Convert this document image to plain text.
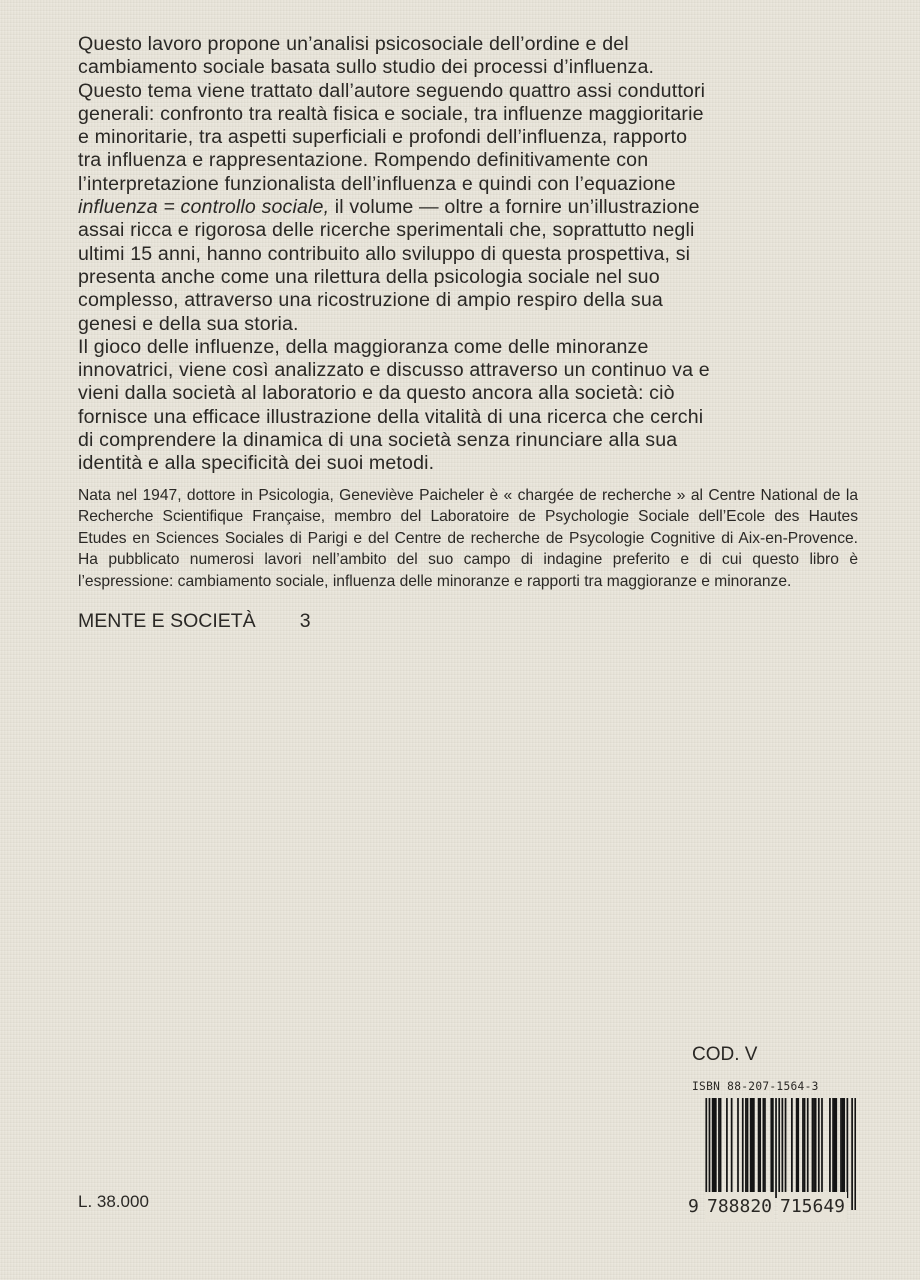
Questo lavoro propone un’analisi psicosociale dell’ordine e del
cambiamento sociale basata sullo studio dei processi d’influenza.
Questo tema viene trattato dall’autore seguendo quattro assi conduttori
generali: confronto tra realtà fisica e sociale, tra influenze maggioritarie
e minoritarie, tra aspetti superficiali e profondi dell’influenza, rapporto
tra influenza e rappresentazione. Rompendo definitivamente con
l’interpretazione funzionalista dell’influenza e quindi con l’equazione
influenza = controllo sociale, il volume — oltre a fornire un’illustrazione
assai ricca e rigorosa delle ricerche sperimentali che, soprattutto negli
ultimi 15 anni, hanno contribuito allo sviluppo di questa prospettiva, si
presenta anche come una rilettura della psicologia sociale nel suo
complesso, attraverso una ricostruzione di ampio respiro della sua
genesi e della sua storia.
Il gioco delle influenze, della maggioranza come delle minoranze
innovatrici, viene così analizzato e discusso attraverso un continuo va e
vieni dalla società al laboratorio e da questo ancora alla società: ciò
fornisce una efficace illustrazione della vitalità di una ricerca che cerchi
di comprendere la dinamica di una società senza rinunciare alla sua
identità e alla specificità dei suoi metodi.
Nata nel 1947, dottore in Psicologia, Geneviève Paicheler è « chargée de recherche » al Centre National de la Recherche Scientifique Française, membro del Laboratoire de Psychologie Sociale dell’Ecole des Hautes Etudes en Sciences Sociales di Parigi e del Centre de recherche de Psycologie Cognitive di Aix-en-Provence. Ha pubblicato numerosi lavori nell’ambito del suo campo di indagine preferito e di cui questo libro è l’espressione: cambiamento sociale, influenza delle minoranze e rapporti tra maggioranze e minoranze.
MENTE E SOCIETÀ 3
L. 38.000
COD. V
ISBN 88-207-1564-3
9 788820 715649
